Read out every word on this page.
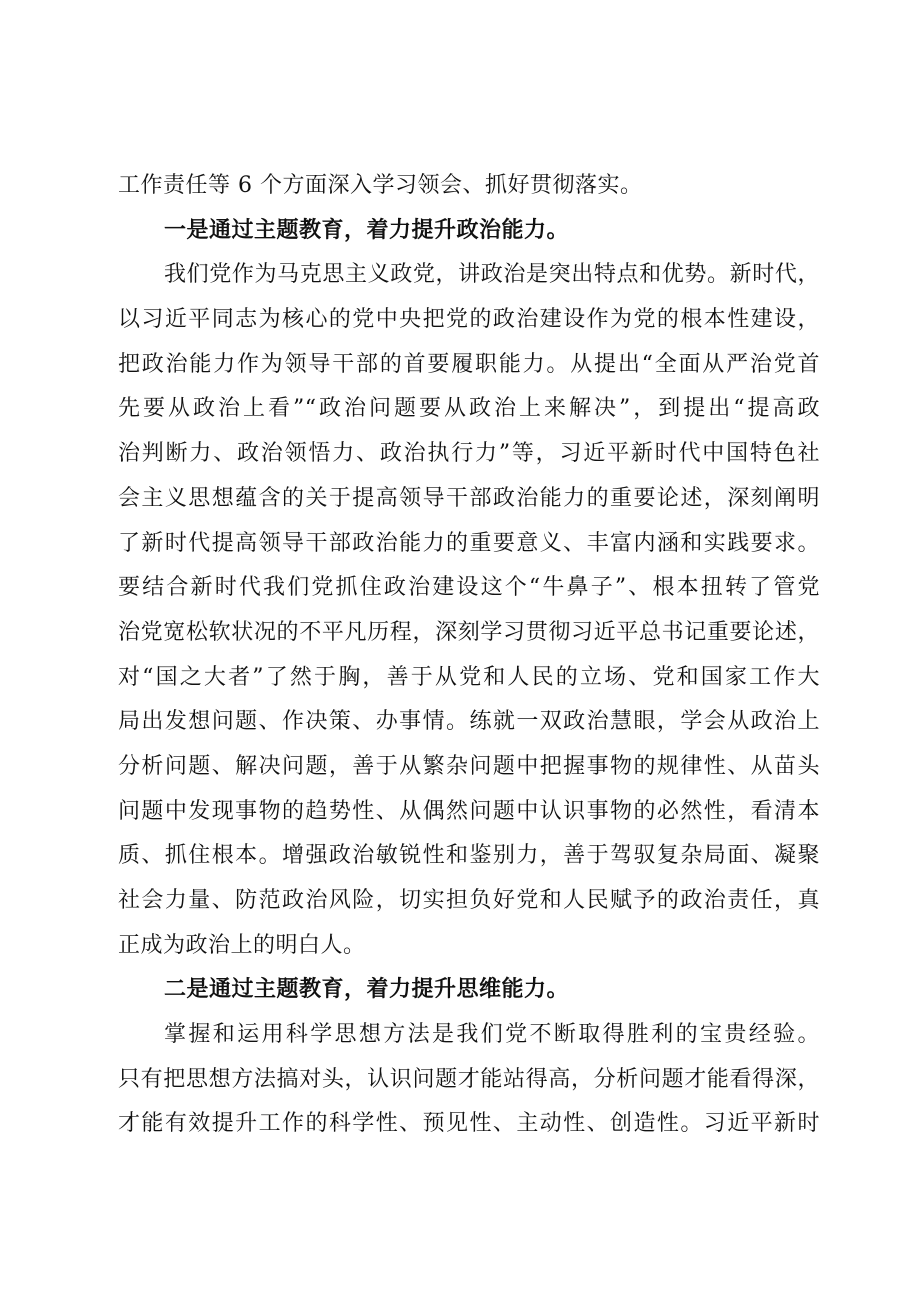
工作责任等 6 个方面深入学习领会、抓好贯彻落实。
一是通过主题教育，着力提升政治能力。
我们党作为马克思主义政党，讲政治是突出特点和优势。新时代，
以习近平同志为核心的党中央把党的政治建设作为党的根本性建设，
把政治能力作为领导干部的首要履职能力。从提出“全面从严治党首
先要从政治上看”“政治问题要从政治上来解决”，到提出“提高政
治判断力、政治领悟力、政治执行力”等，习近平新时代中国特色社
会主义思想蕴含的关于提高领导干部政治能力的重要论述，深刻阐明
了新时代提高领导干部政治能力的重要意义、丰富内涵和实践要求。
要结合新时代我们党抓住政治建设这个“牛鼻子”、根本扭转了管党
治党宽松软状况的不平凡历程，深刻学习贯彻习近平总书记重要论述，
对“国之大者”了然于胸，善于从党和人民的立场、党和国家工作大
局出发想问题、作决策、办事情。练就一双政治慧眼，学会从政治上
分析问题、解决问题，善于从繁杂问题中把握事物的规律性、从苗头
问题中发现事物的趋势性、从偶然问题中认识事物的必然性，看清本
质、抓住根本。增强政治敏锐性和鉴别力，善于驾驭复杂局面、凝聚
社会力量、防范政治风险，切实担负好党和人民赋予的政治责任，真
正成为政治上的明白人。
二是通过主题教育，着力提升思维能力。
掌握和运用科学思想方法是我们党不断取得胜利的宝贵经验。
只有把思想方法搞对头，认识问题才能站得高，分析问题才能看得深，
才能有效提升工作的科学性、预见性、主动性、创造性。习近平新时
